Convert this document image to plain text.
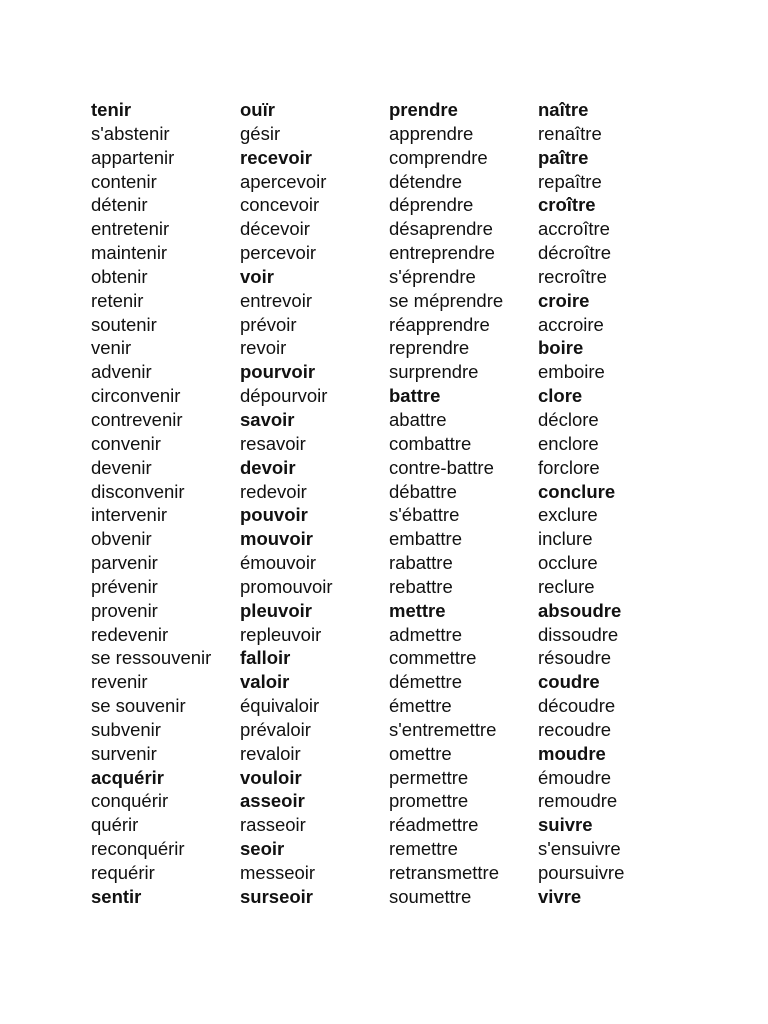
tenir
s'abstenir
appartenir
contenir
détenir
entretenir
maintenir
obtenir
retenir
soutenir
venir
advenir
circonvenir
contrevenir
convenir
devenir
disconvenir
intervenir
obvenir
parvenir
prévenir
provenir
redevenir
se ressouvenir
revenir
se souvenir
subvenir
survenir
acquérir
conquérir
quérir
reconquérir
requérir
sentir
ouïr
gésir
recevoir
apercevoir
concevoir
décevoir
percevoir
voir
entrevoir
prévoir
revoir
pourvoir
dépourvoir
savoir
resavoir
devoir
redevoir
pouvoir
mouvoir
émouvoir
promouvoir
pleuvoir
repleuvoir
falloir
valoir
équivaloir
prévaloir
revaloir
vouloir
asseoir
rasseoir
seoir
messeoir
surseoir
prendre
apprendre
comprendre
détendre
déprendre
désaprendre
entreprendre
s'éprendre
se méprendre
réapprendre
reprendre
surprendre
battre
abattre
combattre
contre-battre
débattre
s'ébattre
embattre
rabattre
rebattre
mettre
admettre
commettre
démettre
émettre
s'entremettre
omettre
permettre
promettre
réadmettre
remettre
retransmettre
soumettre
naître
renaître
paître
repaître
croître
accroître
décroître
recroître
croire
accroire
boire
emboire
clore
déclore
enclore
forclore
conclure
exclure
inclure
occlure
reclure
absoudre
dissoudre
résoudre
coudre
découdre
recoudre
moudre
émoudre
remoudre
suivre
s'ensuivre
poursuivre
vivre
